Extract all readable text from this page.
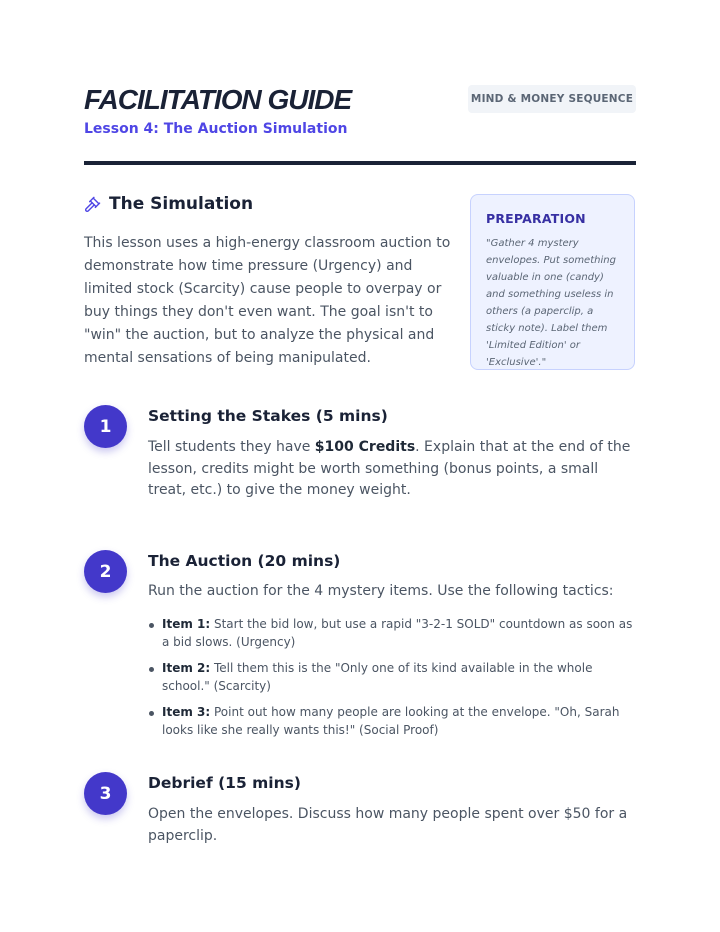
FACILITATION GUIDE
Lesson 4: The Auction Simulation
MIND & MONEY SEQUENCE
The Simulation

This lesson uses a high-energy classroom auction to demonstrate how time pressure (Urgency) and limited stock (Scarcity) cause people to overpay or buy things they don't even want. The goal isn't to "win" the auction, but to analyze the physical and mental sensations of being manipulated.

PREPARATION

"Gather 4 mystery envelopes. Put something valuable in one (candy) and something useless in others (a paperclip, a sticky note). Label them 'Limited Edition' or 'Exclusive'."

1
Setting the Stakes (5 mins)

Tell students they have $100 Credits. Explain that at the end of the lesson, credits might be worth something (bonus points, a small treat, etc.) to give the money weight.

2
The Auction (20 mins)

Run the auction for the 4 mystery items. Use the following tactics:

Item 1: Start the bid low, but use a rapid "3-2-1 SOLD" countdown as soon as a bid slows. (Urgency)
Item 2: Tell them this is the "Only one of its kind available in the whole school." (Scarcity)
Item 3: Point out how many people are looking at the envelope. "Oh, Sarah looks like she really wants this!" (Social Proof)
3
Debrief (15 mins)

Open the envelopes. Discuss how many people spent over $50 for a paperclip.
